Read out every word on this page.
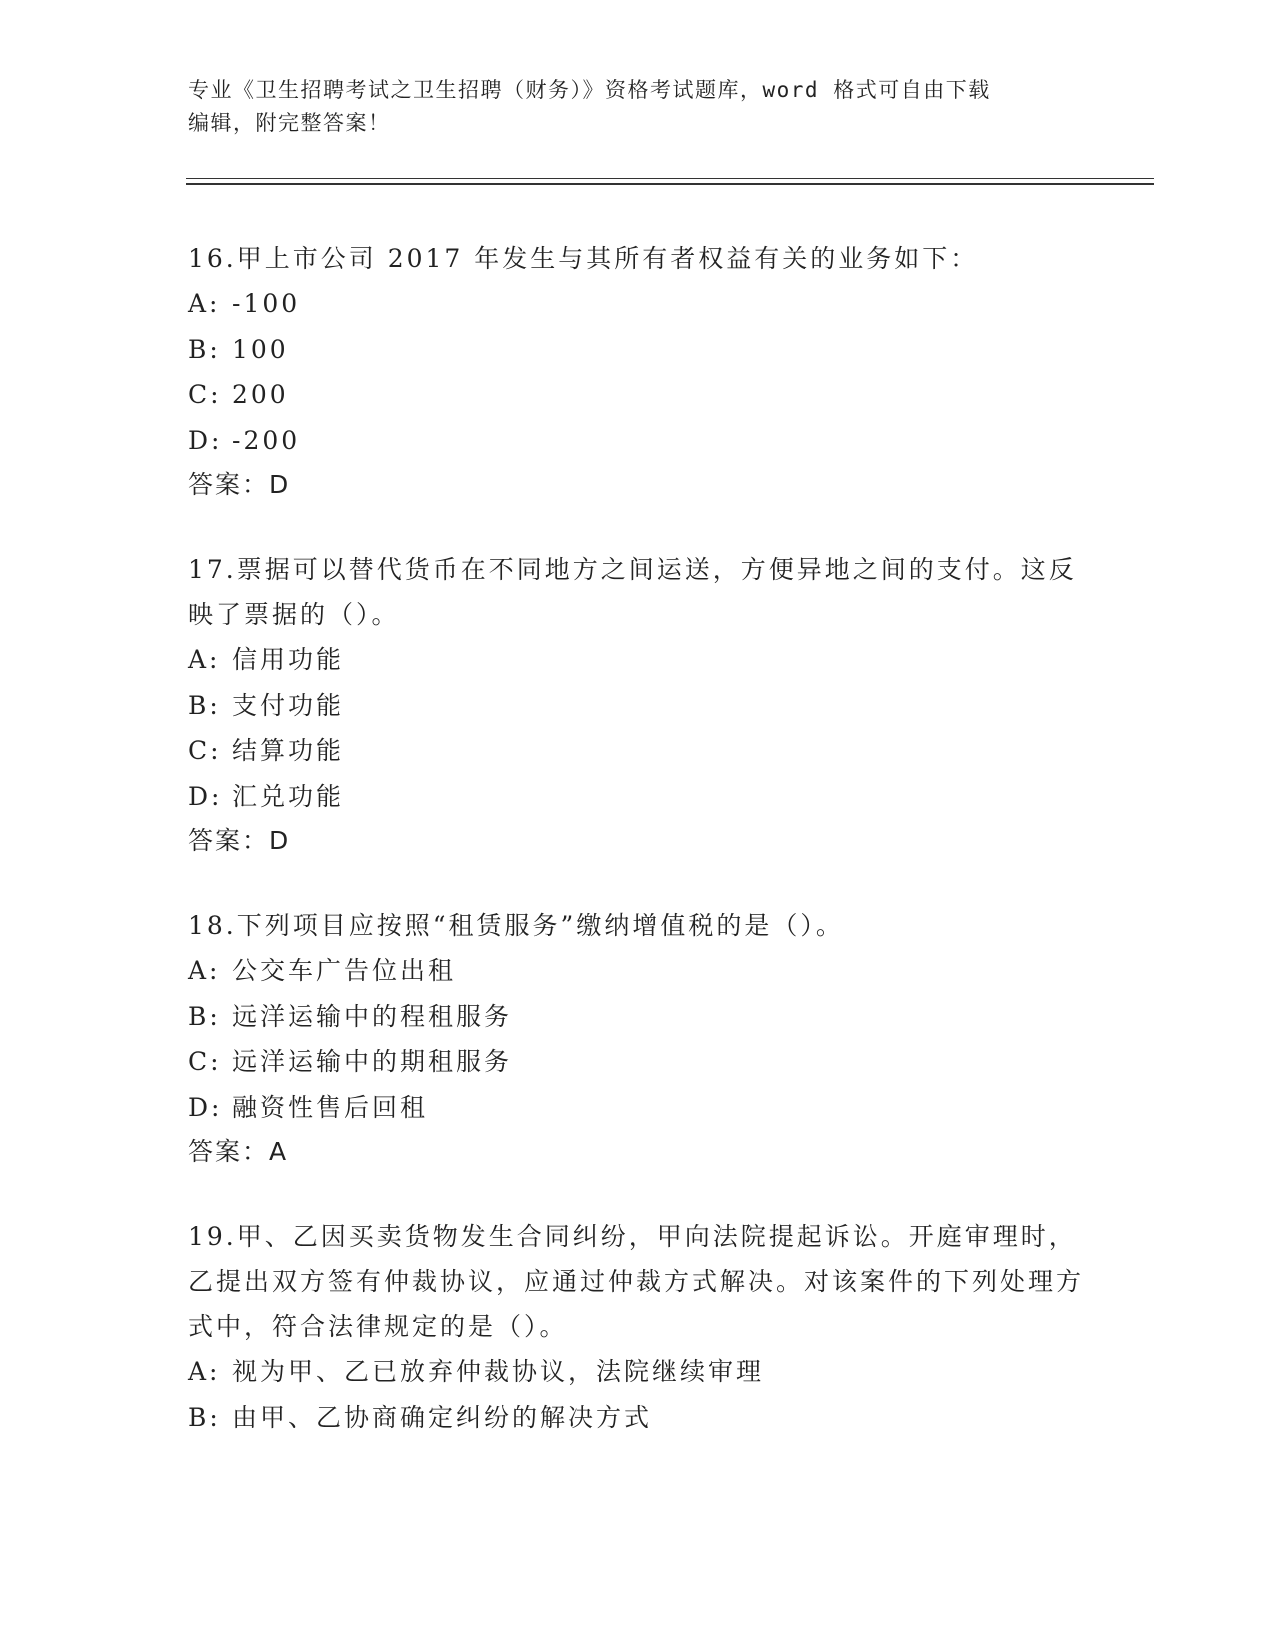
专业《卫生招聘考试之卫生招聘（财务）》资格考试题库，word 格式可自由下载
编辑，附完整答案！

16.甲上市公司 2017 年发生与其所有者权益有关的业务如下：

A: -100

B: 100

C: 200

D: -200

答案：D

17.票据可以替代货币在不同地方之间运送，方便异地之间的支付。这反映了票据的（）。

A: 信用功能

B: 支付功能

C: 结算功能

D: 汇兑功能

答案：D

18.下列项目应按照“租赁服务”缴纳增值税的是（）。

A: 公交车广告位出租

B: 远洋运输中的程租服务

C: 远洋运输中的期租服务

D: 融资性售后回租

答案：A

19.甲、乙因买卖货物发生合同纠纷，甲向法院提起诉讼。开庭审理时，乙提出双方签有仲裁协议，应通过仲裁方式解决。对该案件的下列处理方式中，符合法律规定的是（）。

A: 视为甲、乙已放弃仲裁协议，法院继续审理

B: 由甲、乙协商确定纠纷的解决方式
